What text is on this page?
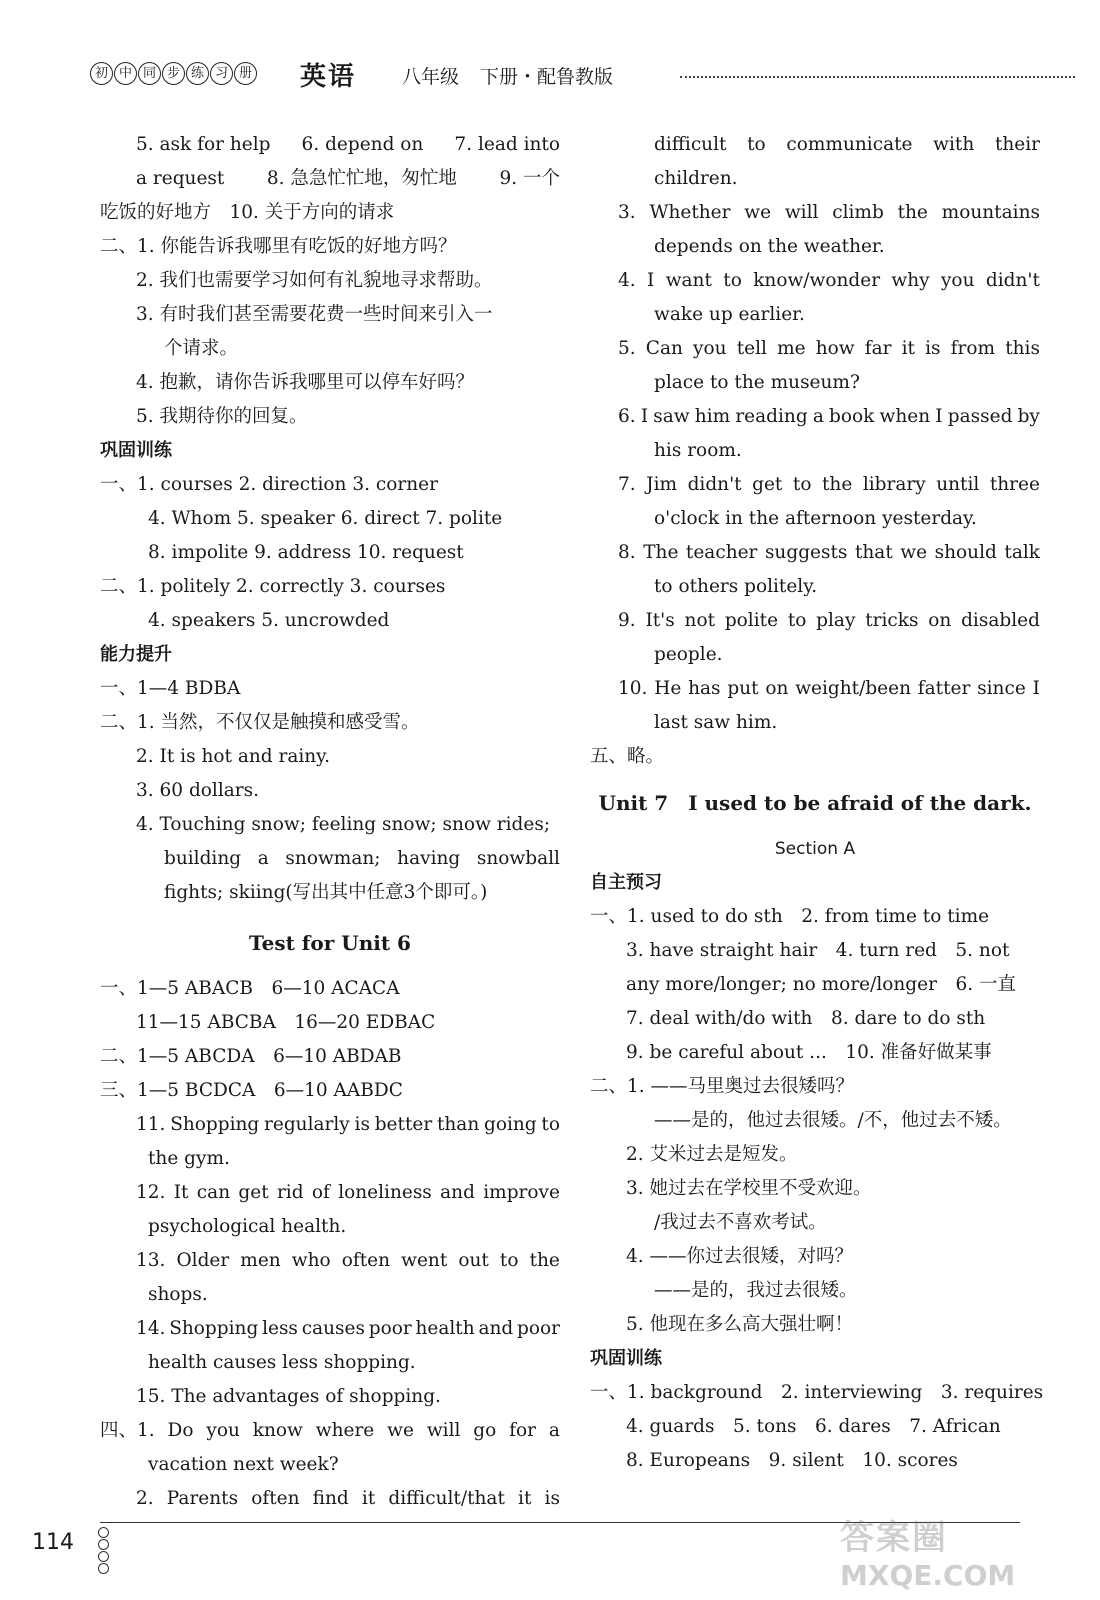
初 中 同 步 练 习 册 英语 八年级 下册・配鲁教版
5. ask for help 6. depend on 7. lead into
a request 8. 急急忙忙地，匆忙地 9. 一个
吃饭的好地方　10. 关于方向的请求
二、1. 你能告诉我哪里有吃饭的好地方吗？
2. 我们也需要学习如何有礼貌地寻求帮助。
3. 有时我们甚至需要花费一些时间来引入一
个请求。
4. 抱歉，请你告诉我哪里可以停车好吗？
5. 我期待你的回复。
巩固训练
一、1. courses 2. direction 3. corner
4. Whom 5. speaker 6. direct 7. polite
8. impolite 9. address 10. request
二、1. politely 2. correctly 3. courses
4. speakers 5. uncrowded
能力提升
一、1—4 BDBA
二、1. 当然，不仅仅是触摸和感受雪。
2. It is hot and rainy.
3. 60 dollars.
4. Touching snow; feeling snow; snow rides;
building a snowman; having snowball
fights; skiing(写出其中任意3个即可。)
Test for Unit 6
一、1—5 ABACB　6—10 ACACA
11—15 ABCBA　16—20 EDBAC
二、1—5 ABCDA　6—10 ABDAB
三、1—5 BCDCA　6—10 AABDC
11. Shopping regularly is better than going to
the gym.
12. It can get rid of loneliness and improve
psychological health.
13. Older men who often went out to the
shops.
14. Shopping less causes poor health and poor
health causes less shopping.
15. The advantages of shopping.
四、1. Do you know where we will go for a
vacation next week?
2. Parents often find it difficult/that it is
difficult to communicate with their
children.
3. Whether we will climb the mountains
depends on the weather.
4. I want to know/wonder why you didn't
wake up earlier.
5. Can you tell me how far it is from this
place to the museum?
6. I saw him reading a book when I passed by
his room.
7. Jim didn't get to the library until three
o'clock in the afternoon yesterday.
8. The teacher suggests that we should talk
to others politely.
9. It's not polite to play tricks on disabled
people.
10. He has put on weight/been fatter since I
last saw him.
五、略。
Unit 7　I used to be afraid of the dark.
Section A
自主预习
一、1. used to do sth　2. from time to time
3. have straight hair　4. turn red　5. not
any more/longer; no more/longer　6. 一直
7. deal with/do with　8. dare to do sth
9. be careful about ...　10. 准备好做某事
二、1. ——马里奥过去很矮吗？
——是的，他过去很矮。/不，他过去不矮。
2. 艾米过去是短发。
3. 她过去在学校里不受欢迎。
/我过去不喜欢考试。
4. ——你过去很矮，对吗？
——是的，我过去很矮。
5. 他现在多么高大强壮啊！
巩固训练
一、1. background　2. interviewing　3. requires
4. guards　5. tons　6. dares　7. African
8. Europeans　9. silent　10. scores
114	答案圈
MXQE.COM
